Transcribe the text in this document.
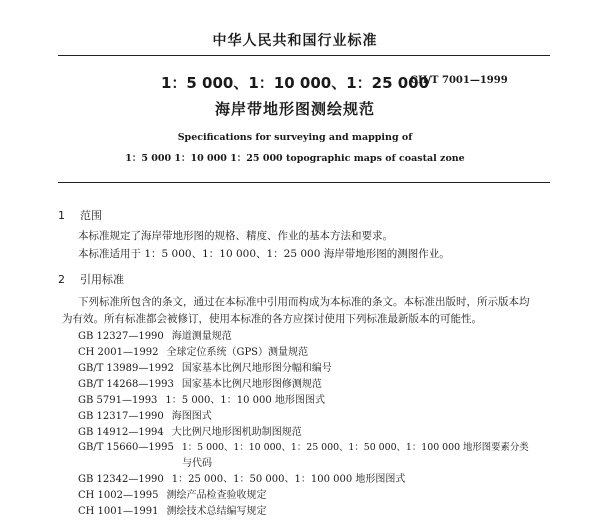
中华人民共和国行业标准
1：5 000、1：10 000、1：25 000
CH/T 7001—1999
海岸带地形图测绘规范
Specifications for surveying and mapping of
1：5 000 1：10 000 1：25 000 topographic maps of coastal zone
1 范围
本标准规定了海岸带地形图的规格、精度、作业的基本方法和要求。
本标准适用于 1：5 000、1：10 000、1：25 000 海岸带地形图的测图作业。
2 引用标准
下列标准所包含的条文，通过在本标准中引用而构成为本标准的条文。本标准出版时，所示版本均
为有效。所有标准都会被修订，使用本标准的各方应探讨使用下列标准最新版本的可能性。
GB 12327—1990 海道测量规范
CH 2001—1992 全球定位系统（GPS）测量规范
GB/T 13989—1992 国家基本比例尺地形图分幅和编号
GB/T 14268—1993 国家基本比例尺地形图修测规范
GB 5791—1993 1：5 000、1：10 000 地形图图式
GB 12317—1990 海图图式
GB 14912—1994 大比例尺地形图机助制图规范
GB/T 15660—1995 1：5 000、1：10 000、1：25 000、1：50 000、1：100 000 地形图要素分类
与代码
GB 12342—1990 1：25 000、1：50 000、1：100 000 地形图图式
CH 1002—1995 测绘产品检查验收规定
CH 1001—1991 测绘技术总结编写规定
